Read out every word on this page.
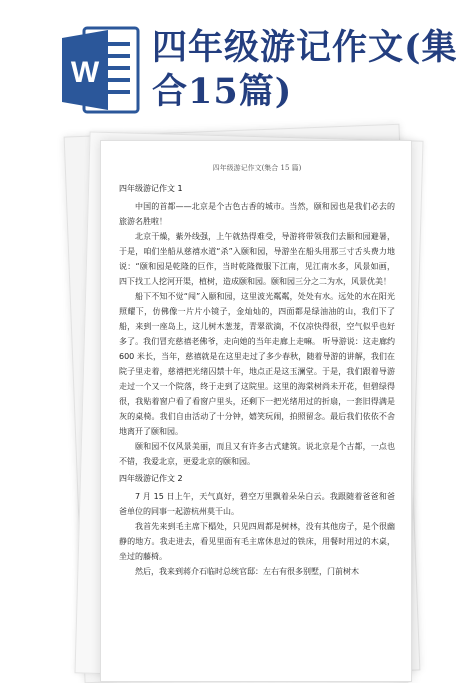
W
四年级游记作文(集合15篇)
四年级游记作文(集合 15 篇)
四年级游记作文 1

中国的首都——北京是个古色古香的城市。当然，颐和园也是我们必去的旅游名胜啦！

北京干燥，紫外线强，上午就热得难受，导游将带领我们去颐和园避暑，于是，咱们坐船从慈禧水道“杀”入颐和园，导游坐在船头用那三寸舌头费力地说：“颐和园是乾隆的巨作，当时乾隆微服下江南，见江南水多，风景如画，四下找工人挖河开渠，植树，造成颐和园。颐和园三分之二为水，风景优美！

船下不知不觉“闯”入颐和园，这里波光粼粼，处处有水。远处的水在阳光照耀下，仿佛像一片片小镜子，金灿灿的，四面都是绿油油的山，我们下了船，来到一座岛上，这儿树木葱茏，青翠欲滴，不仅凉快得很，空气似乎也好多了。我们冒充慈禧老佛爷，走向她的当年走廊上走嘛。 听导游说：这走廊约 600 米长，当年，慈禧就是在这里走过了多少春秋，随着导游的讲解，我们在院子里走着，慈禧把光绪囚禁十年，地点正是这玉澜堂。于是，我们跟着导游走过一个又一个院落，终于走到了这院里。这里的海棠树尚未开花，但碧绿得很，我贴着窗户看了看窗户里头，还剩下一把光绪用过的折扇，一套旧得满是灰的桌椅。我们自由活动了十分钟，嬉笑玩闹，拍照留念。最后我们依依不舍地离开了颐和园。

颐和园不仅风景美丽，而且又有许多古式建筑。说北京是个古都，一点也不错，我爱北京，更爱北京的颐和园。

四年级游记作文 2

7 月 15 日上午，天气真好，碧空万里飘着朵朵白云。我跟随着爸爸和爸爸单位的同事一起游杭州莫干山。

我首先来到毛主席下榻处，只见四周都是树林，没有其他房子，是个很幽静的地方。我走进去，看见里面有毛主席休息过的铁床，用餐时用过的木桌，坐过的藤椅。

然后，我来到蒋介石临时总统官邸：左右有很多别墅，门前树木
